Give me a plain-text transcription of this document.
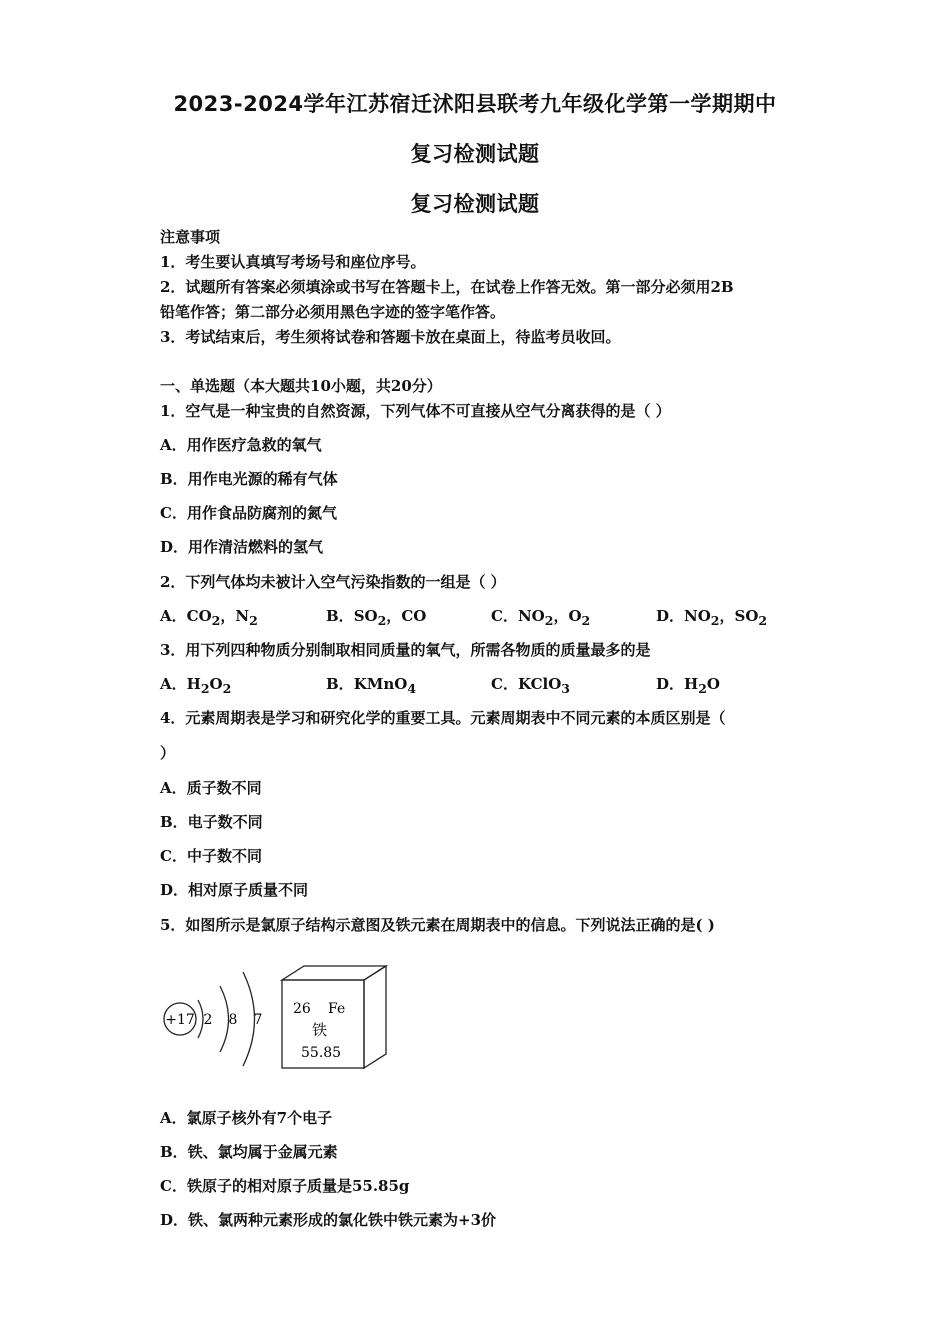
2023-2024学年江苏宿迁沭阳县联考九年级化学第一学期期中
复习检测试题
复习检测试题
注意事项
1．考生要认真填写考场号和座位序号。
2．试题所有答案必须填涂或书写在答题卡上，在试卷上作答无效。第一部分必须用2B
铅笔作答；第二部分必须用黑色字迹的签字笔作答。
3．考试结束后，考生须将试卷和答题卡放在桌面上，待监考员收回。
一、单选题（本大题共10小题，共20分）
1．空气是一种宝贵的自然资源，下列气体不可直接从空气分离获得的是（ ）
A．用作医疗急救的氧气
B．用作电光源的稀有气体
C．用作食品防腐剂的氮气
D．用作清洁燃料的氢气
2．下列气体均未被计入空气污染指数的一组是（ ）
A．$CO_2$，$N_2$	B．$SO_2$，CO	C．$NO_2$，$O_2$	D．$NO_2$，$SO_2$
3．用下列四种物质分别制取相同质量的氧气，所需各物质的质量最多的是
A．$H_2O_2$	B．KMnO$_4$	C．KClO$_3$	D．$H_2O$
4．元素周期表是学习和研究化学的重要工具。元素周期表中不同元素的本质区别是（
）
A．质子数不同
B．电子数不同
C．中子数不同
D．相对原子质量不同
5．如图所示是氯原子结构示意图及铁元素在周期表中的信息。下列说法正确的是( )
+17 2 8 7
26 Fe
铁
55.85
A．氯原子核外有7个电子
B．铁、氯均属于金属元素
C．铁原子的相对原子质量是55.85g
D．铁、氯两种元素形成的氯化铁中铁元素为+3价
